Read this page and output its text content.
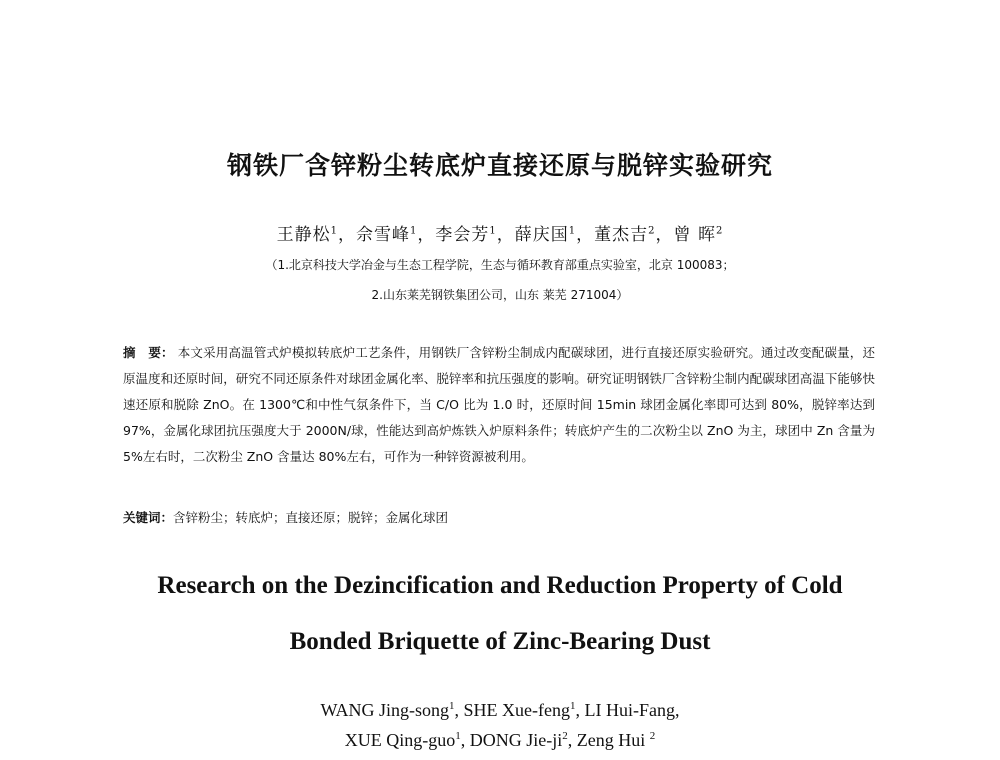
钢铁厂含锌粉尘转底炉直接还原与脱锌实验研究
王静松$^1$，佘雪峰$^1$，李会芳$^1$，薛庆国$^1$，董杰吉$^2$，曾 晖$^2$
（1.北京科技大学冶金与生态工程学院，生态与循环教育部重点实验室，北京 100083；
2.山东莱芜钢铁集团公司，山东 莱芜 271004）
摘　要： 本文采用高温管式炉模拟转底炉工艺条件，用钢铁厂含锌粉尘制成内配碳球团，进行直接还原实验研究。通过改变配碳量，还原温度和还原时间，研究不同还原条件对球团金属化率、脱锌率和抗压强度的影响。研究证明钢铁厂含锌粉尘制内配碳球团高温下能够快速还原和脱除 ZnO。在 1300℃和中性气氛条件下，当 C/O 比为 1.0 时，还原时间 15min 球团金属化率即可达到 80%，脱锌率达到 97%，金属化球团抗压强度大于 2000N/球，性能达到高炉炼铁入炉原料条件；转底炉产生的二次粉尘以 ZnO 为主，球团中 Zn 含量为 5%左右时，二次粉尘 ZnO 含量达 80%左右，可作为一种锌资源被利用。
关键词：含锌粉尘；转底炉；直接还原；脱锌；金属化球团
Research on the Dezincification and Reduction Property of Cold
Bonded Briquette of Zinc-Bearing Dust
WANG Jing-song$^1$, SHE Xue-feng$^1$, LI Hui-Fang,
XUE Qing-guo$^1$, DONG Jie-$ji^2$, Zeng Hui $^2$
